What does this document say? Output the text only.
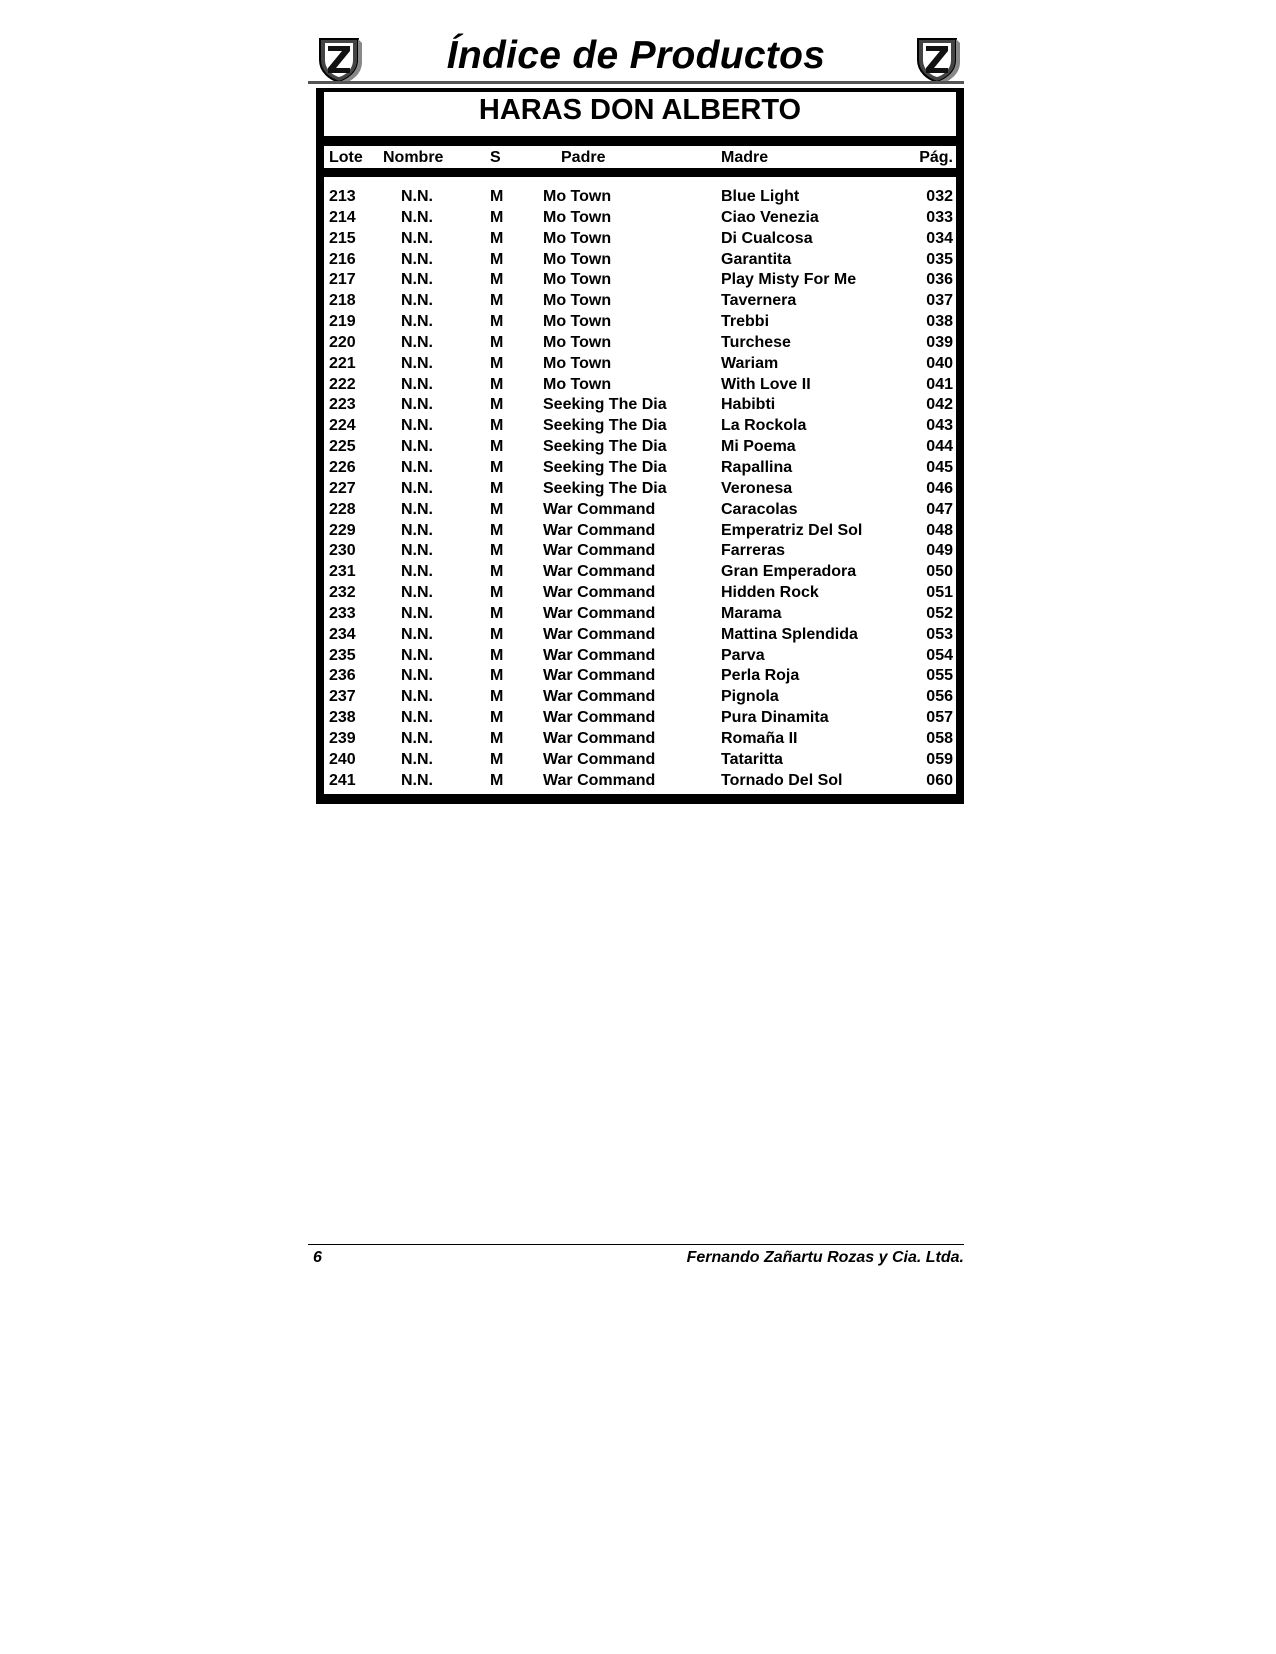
Índice de Productos
HARAS DON ALBERTO
Lote Nombre	S	Padre	Madre	Pág.
213	N.N.	M Mo Town	Blue Light	032
214	N.N.	M Mo Town	Ciao Venezia	033
215	N.N.	M Mo Town	Di Cualcosa	034
216	N.N.	M Mo Town	Garantita	035
217	N.N.	M Mo Town	Play Misty For Me	036
218	N.N.	M Mo Town	Tavernera	037
219	N.N.	M Mo Town	Trebbi	038
220	N.N.	M Mo Town	Turchese	039
221	N.N.	M Mo Town	Wariam	040
222	N.N.	M Mo Town	With Love II	041
223	N.N.	M Seeking The Dia	Habibti	042
224	N.N.	M Seeking The Dia	La Rockola	043
225	N.N.	M Seeking The Dia	Mi Poema	044
226	N.N.	M Seeking The Dia	Rapallina	045
227	N.N.	M Seeking The Dia	Veronesa	046
228	N.N.	M War Command	Caracolas	047
229	N.N.	M War Command	Emperatriz Del Sol	048
230	N.N.	M War Command	Farreras	049
231	N.N.	M War Command	Gran Emperadora	050
232	N.N.	M War Command	Hidden Rock	051
233	N.N.	M War Command	Marama	052
234	N.N.	M War Command	Mattina Splendida	053
235	N.N.	M War Command	Parva	054
236	N.N.	M War Command	Perla Roja	055
237	N.N.	M War Command	Pignola	056
238	N.N.	M War Command	Pura Dinamita	057
239	N.N.	M War Command	Romaña II	058
240	N.N.	M War Command	Tataritta	059
241	N.N.	M War Command	Tornado Del Sol	060
6	Fernando Zañartu Rozas y Cia. Ltda.
